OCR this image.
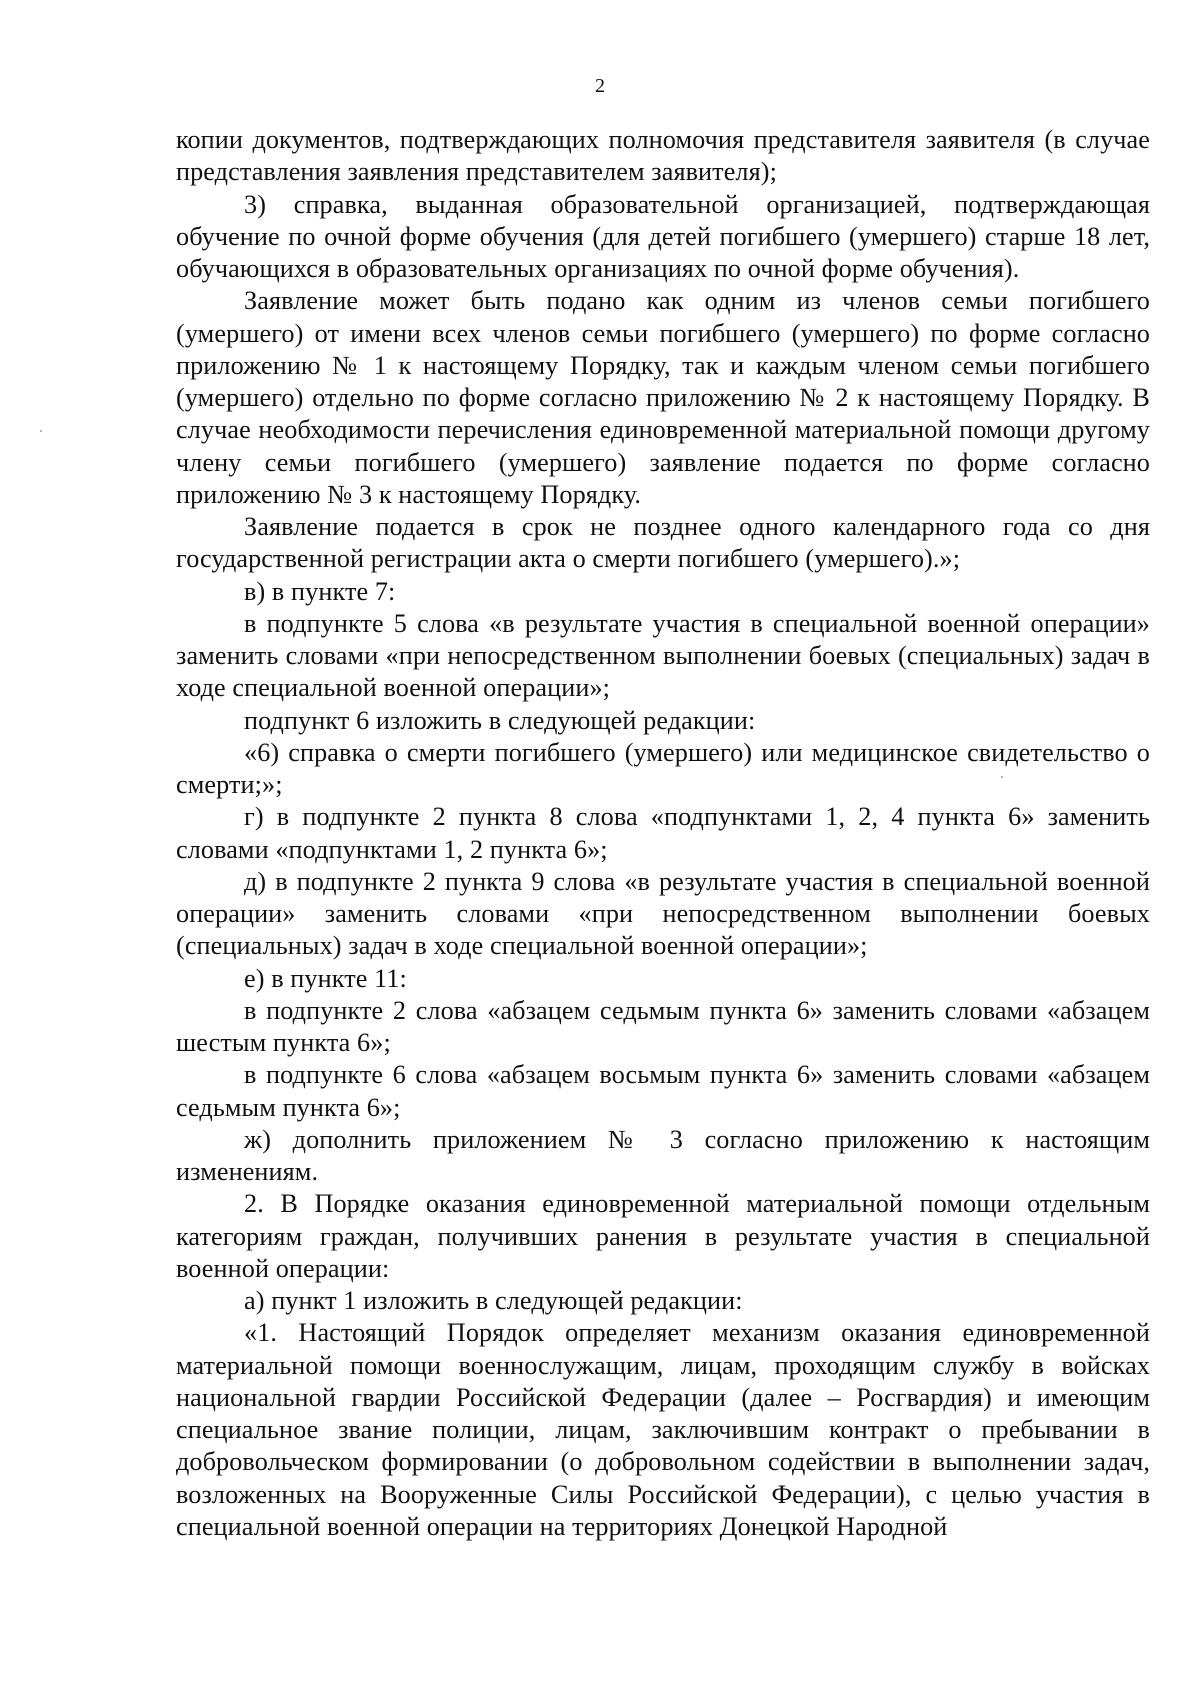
2

копии документов, подтверждающих полномочия представителя заявителя (в случае представления заявления представителем заявителя);

3) справка, выданная образовательной организацией, подтверждающая обучение по очной форме обучения (для детей погибшего (умершего) старше 18 лет, обучающихся в образовательных организациях по очной форме обучения).

Заявление может быть подано как одним из членов семьи погибшего (умершего) от имени всех членов семьи погибшего (умершего) по форме согласно приложению № 1 к настоящему Порядку, так и каждым членом семьи погибшего (умершего) отдельно по форме согласно приложению № 2 к настоящему Порядку. В случае необходимости перечисления единовременной материальной помощи другому члену семьи погибшего (умершего) заявление подается по форме согласно приложению № 3 к настоящему Порядку.

Заявление подается в срок не позднее одного календарного года со дня государственной регистрации акта о смерти погибшего (умершего).»;

в) в пункте 7:

в подпункте 5 слова «в результате участия в специальной военной операции» заменить словами «при непосредственном выполнении боевых (специальных) задач в ходе специальной военной операции»;

подпункт 6 изложить в следующей редакции:

«6) справка о смерти погибшего (умершего) или медицинское свидетельство о смерти;»;

г) в подпункте 2 пункта 8 слова «подпунктами 1, 2, 4 пункта 6» заменить словами «подпунктами 1, 2 пункта 6»;

д) в подпункте 2 пункта 9 слова «в результате участия в специальной военной операции» заменить словами «при непосредственном выполнении боевых (специальных) задач в ходе специальной военной операции»;

е) в пункте 11:

в подпункте 2 слова «абзацем седьмым пункта 6» заменить словами «абзацем шестым пункта 6»;

в подпункте 6 слова «абзацем восьмым пункта 6» заменить словами «абзацем седьмым пункта 6»;

ж) дополнить приложением № 3 согласно приложению к настоящим изменениям.

2. В Порядке оказания единовременной материальной помощи отдельным категориям граждан, получивших ранения в результате участия в специальной военной операции:

а) пункт 1 изложить в следующей редакции:

«1. Настоящий Порядок определяет механизм оказания единовременной материальной помощи военнослужащим, лицам, проходящим службу в войсках национальной гвардии Российской Федерации (далее – Росгвардия) и имеющим специальное звание полиции, лицам, заключившим контракт о пребывании в добровольческом формировании (о добровольном содействии в выполнении задач, возложенных на Вооруженные Силы Российской Федерации), с целью участия в специальной военной операции на территориях Донецкой Народной
